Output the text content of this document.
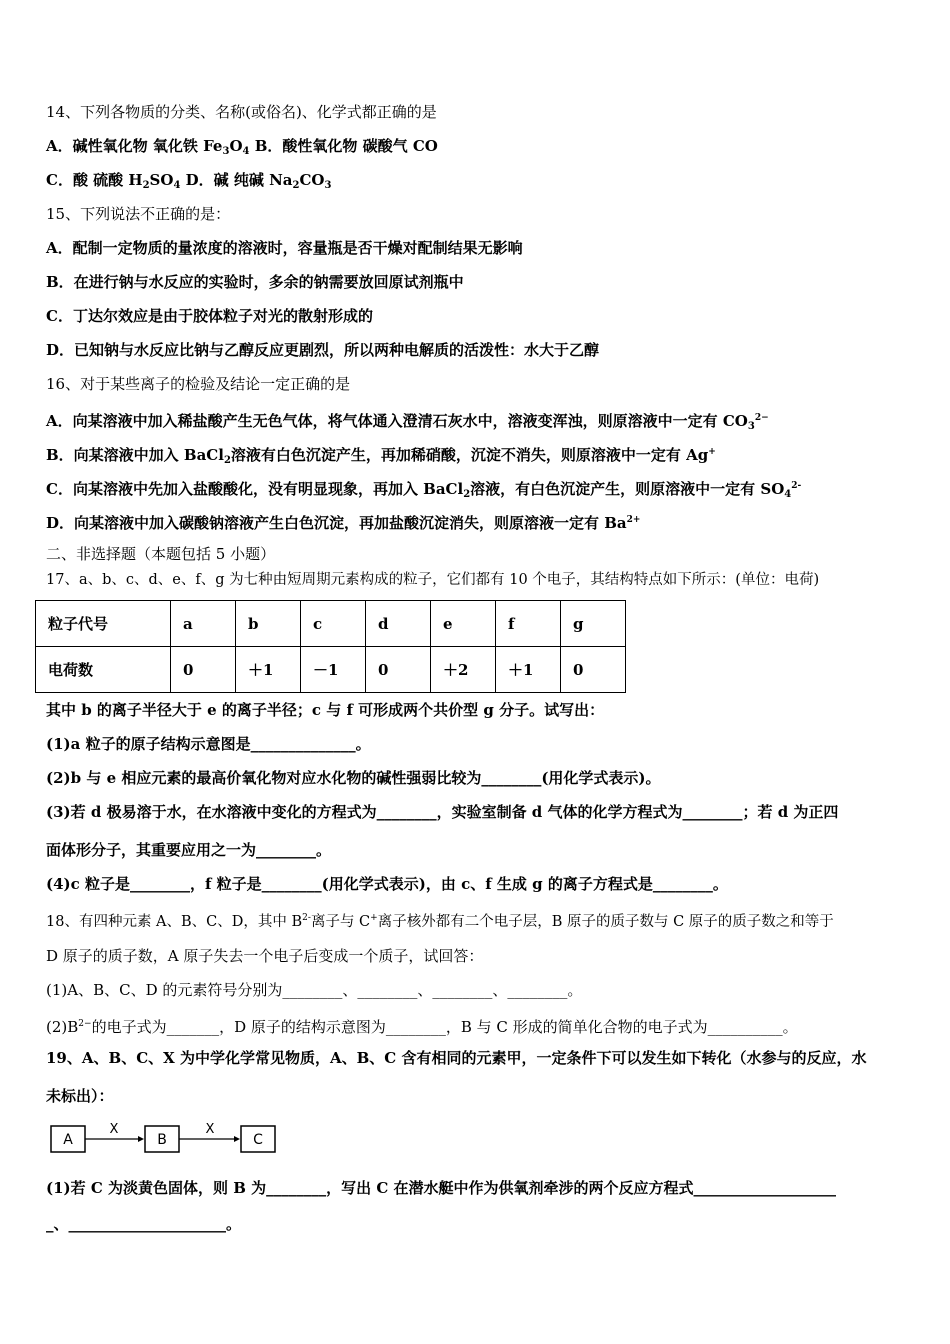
14、下列各物质的分类、名称(或俗名)、化学式都正确的是
A．碱性氧化物 氧化铁 $Fe_3O_4$ B．酸性氧化物 碳酸气 CO
C．酸 硫酸 $H_2SO_4$ D．碱 纯碱 $Na_2CO_3$
15、下列说法不正确的是：
A．配制一定物质的量浓度的溶液时，容量瓶是否干燥对配制结果无影响
B．在进行钠与水反应的实验时，多余的钠需要放回原试剂瓶中
C．丁达尔效应是由于胶体粒子对光的散射形成的
D．已知钠与水反应比钠与乙醇反应更剧烈，所以两种电解质的活泼性：水大于乙醇
16、对于某些离子的检验及结论一定正确的是
A．向某溶液中加入稀盐酸产生无色气体，将气体通入澄清石灰水中，溶液变浑浊，则原溶液中一定有 $CO_3^{2-}$
B．向某溶液中加入 BaCl$_2$溶液有白色沉淀产生，再加稀硝酸，沉淀不消失，则原溶液中一定有 Ag+
C．向某溶液中先加入盐酸酸化，没有明显现象，再加入 BaCl$_2$溶液，有白色沉淀产生，则原溶液中一定有 $SO_4^{2-}$
D．向某溶液中加入碳酸钠溶液产生白色沉淀，再加盐酸沉淀消失，则原溶液一定有 $Ba^{2+}$
二、非选择题（本题包括 5 小题）
17、a、b、c、d、e、f、g 为七种由短周期元素构成的粒子，它们都有 10 个电子，其结构特点如下所示：(单位：电荷)
粒子代号	a	b	c	d	e	f	g
电荷数	0	＋1	－1	0	＋2	＋1	0
其中 b 的离子半径大于 e 的离子半径；c 与 f 可形成两个共价型 g 分子。试写出：
(1)a 粒子的原子结构示意图是______________。
(2)b 与 e 相应元素的最高价氧化物对应水化物的碱性强弱比较为________(用化学式表示)。
(3)若 d 极易溶于水，在水溶液中变化的方程式为________，实验室制备 d 气体的化学方程式为________；若 d 为正四
面体形分子，其重要应用之一为________。
(4)c 粒子是________，f 粒子是________(用化学式表示)，由 c、f 生成 g 的离子方程式是________。
18、有四种元素 A、B、C、D，其中 $B^{2-}$离子与 C+离子核外都有二个电子层，B 原子的质子数与 C 原子的质子数之和等于
D 原子的质子数，A 原子失去一个电子后变成一个质子，试回答：
(1)A、B、C、D 的元素符号分别为________、________、________、________。
$(2)B^{2-}$的电子式为_______，D 原子的结构示意图为________，B 与 C 形成的简单化合物的电子式为__________。
19、A、B、C、X 为中学化学常见物质，A、B、C 含有相同的元素甲，一定条件下可以发生如下转化（水参与的反应，水
未标出）：
A
X
B
X
C
(1)若 C 为淡黄色固体，则 B 为________，写出 C 在潜水艇中作为供氧剂牵涉的两个反应方程式___________________
_、_____________________。
